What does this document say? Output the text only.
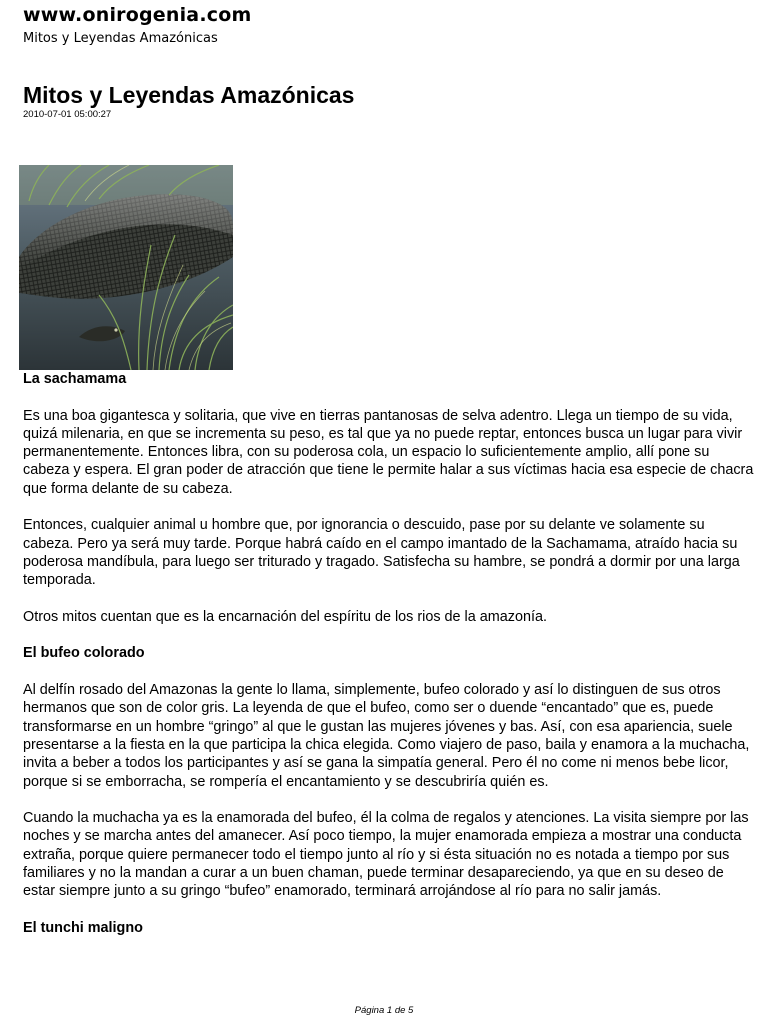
www.onirogenia.com
Mitos y Leyendas Amazónicas
Mitos y Leyendas Amazónicas
2010-07-01 05:00:27
La sachamama

Es una boa gigantesca y solitaria, que vive en tierras pantanosas de selva adentro. Llega un tiempo de su vida, quizá milenaria, en que se incrementa su peso, es tal que ya no puede reptar, entonces busca un lugar para vivir permanentemente. Entonces libra, con su poderosa cola, un espacio lo suficientemente amplio, allí pone su cabeza y espera. El gran poder de atracción que tiene le permite halar a sus víctimas hacia esa especie de chacra que forma delante de su cabeza.

Entonces, cualquier animal u hombre que, por ignorancia o descuido, pase por su delante ve solamente su cabeza. Pero ya será muy tarde. Porque habrá caído en el campo imantado de la Sachamama, atraído hacia su poderosa mandíbula, para luego ser triturado y tragado. Satisfecha su hambre, se pondrá a dormir por una larga temporada.

Otros mitos cuentan que es la encarnación del espíritu de los rios de la amazonía.

El bufeo colorado

Al delfín rosado del Amazonas la gente lo llama, simplemente, bufeo colorado y así lo distinguen de sus otros hermanos que son de color gris. La leyenda de que el bufeo, como ser o duende “encantado” que es, puede transformarse en un hombre “gringo” al que le gustan las mujeres jóvenes y bas. Así, con esa apariencia, suele presentarse a la fiesta en la que participa la chica elegida. Como viajero de paso, baila y enamora a la muchacha, invita a beber a todos los participantes y así se gana la simpatía general. Pero él no come ni menos bebe licor, porque si se emborracha, se rompería el encantamiento y se descubriría quién es.

Cuando la muchacha ya es la enamorada del bufeo, él la colma de regalos y atenciones. La visita siempre por las noches y se marcha antes del amanecer. Así poco tiempo, la mujer enamorada empieza a mostrar una conducta extraña, porque quiere permanecer todo el tiempo junto al río y si ésta situación no es notada a tiempo por sus familiares y no la mandan a curar a un buen chaman, puede terminar desapareciendo, ya que en su deseo de estar siempre junto a su gringo “bufeo” enamorado, terminará arrojándose al río para no salir jamás.

El tunchi maligno
Página 1 de 5
